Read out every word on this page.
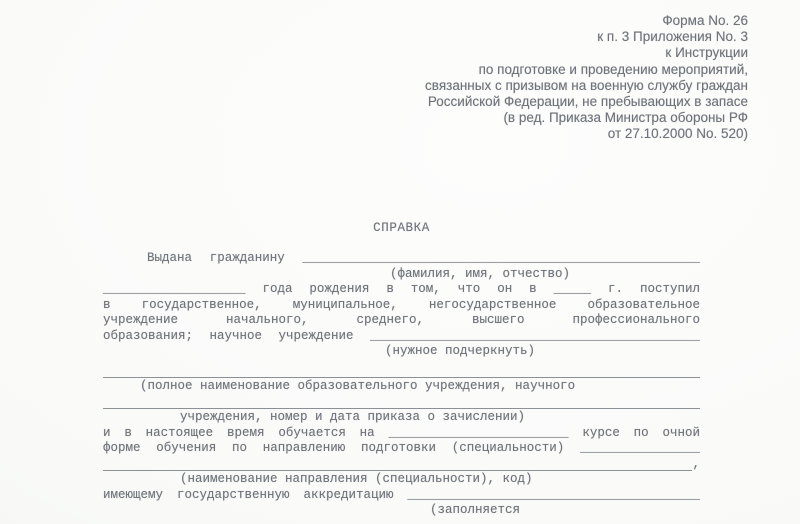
Форма No. 26
к п. 3 Приложения No. 3
к Инструкции
по подготовке и проведению мероприятий,
связанных с призывом на военную службу граждан
Российской Федерации, не пребывающих в запасе
(в ред. Приказа Министра обороны РФ
от 27.10.2000 No. 520)
СПРАВКА
Выдана гражданину _____________________________________________________
(фамилия, имя, отчество)
___________________ года рождения в том, что он в _____ г. поступил
в государственное, муниципальное, негосударственное образовательное
учреждение начального, среднего, высшего профессионального
образования; научное учреждение ____________________________________________
(нужное подчеркнуть)
(полное наименование образовательного учреждения, научного
учреждения, номер и дата приказа о зачислении)
и в настоящее время обучается на ________________________ курсе по очной
форме обучения по направлению подготовки (специальности) ________________
,
(наименование направления (специальности), код)
имеющему государственную аккредитацию _______________________________________
(заполняется
